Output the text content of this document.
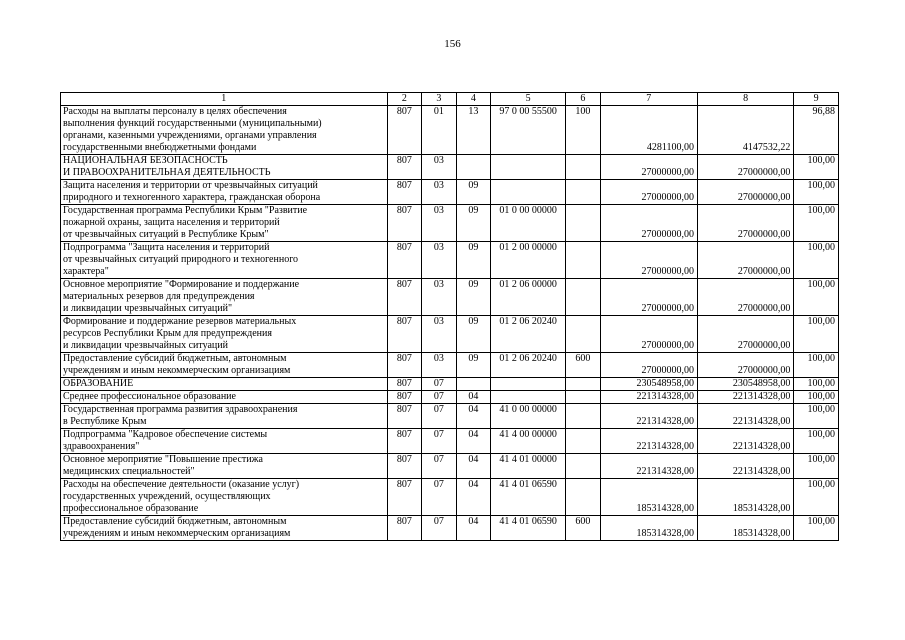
156
1	2	3	4	5	6	7	8	9
Расходы на выплаты персоналу в целях обеспечения
выполнения функций государственными (муниципальными)
органами, казенными учреждениями, органами управления
государственными внебюджетными фондами	807	01	13	97 0 00 55500	100	4281100,00	4147532,22	96,88
НАЦИОНАЛЬНАЯ БЕЗОПАСНОСТЬ
И ПРАВООХРАНИТЕЛЬНАЯ ДЕЯТЕЛЬНОСТЬ	807	03				27000000,00	27000000,00	100,00
Защита населения и территории от чрезвычайных ситуаций
природного и техногенного характера, гражданская оборона	807	03	09			27000000,00	27000000,00	100,00
Государственная программа Республики Крым "Развитие
пожарной охраны, защита населения и территорий
от чрезвычайных ситуаций в Республике Крым"	807	03	09	01 0 00 00000		27000000,00	27000000,00	100,00
Подпрограмма "Защита населения и территорий
от чрезвычайных ситуаций природного и техногенного
характера"	807	03	09	01 2 00 00000		27000000,00	27000000,00	100,00
Основное мероприятие "Формирование и поддержание
материальных резервов для предупреждения
и ликвидации чрезвычайных ситуаций"	807	03	09	01 2 06 00000		27000000,00	27000000,00	100,00
Формирование и поддержание резервов материальных
ресурсов Республики Крым для предупреждения
и ликвидации чрезвычайных ситуаций	807	03	09	01 2 06 20240		27000000,00	27000000,00	100,00
Предоставление субсидий бюджетным, автономным
учреждениям и иным некоммерческим организациям	807	03	09	01 2 06 20240	600	27000000,00	27000000,00	100,00
ОБРАЗОВАНИЕ	807	07				230548958,00	230548958,00	100,00
Среднее профессиональное образование	807	07	04			221314328,00	221314328,00	100,00
Государственная программа развития здравоохранения
в Республике Крым	807	07	04	41 0 00 00000		221314328,00	221314328,00	100,00
Подпрограмма "Кадровое обеспечение системы
здравоохранения"	807	07	04	41 4 00 00000		221314328,00	221314328,00	100,00
Основное мероприятие "Повышение престижа
медицинских специальностей"	807	07	04	41 4 01 00000		221314328,00	221314328,00	100,00
Расходы на обеспечение деятельности (оказание услуг)
государственных учреждений, осуществляющих
профессиональное образование	807	07	04	41 4 01 06590		185314328,00	185314328,00	100,00
Предоставление субсидий бюджетным, автономным
учреждениям и иным некоммерческим организациям	807	07	04	41 4 01 06590	600	185314328,00	185314328,00	100,00
